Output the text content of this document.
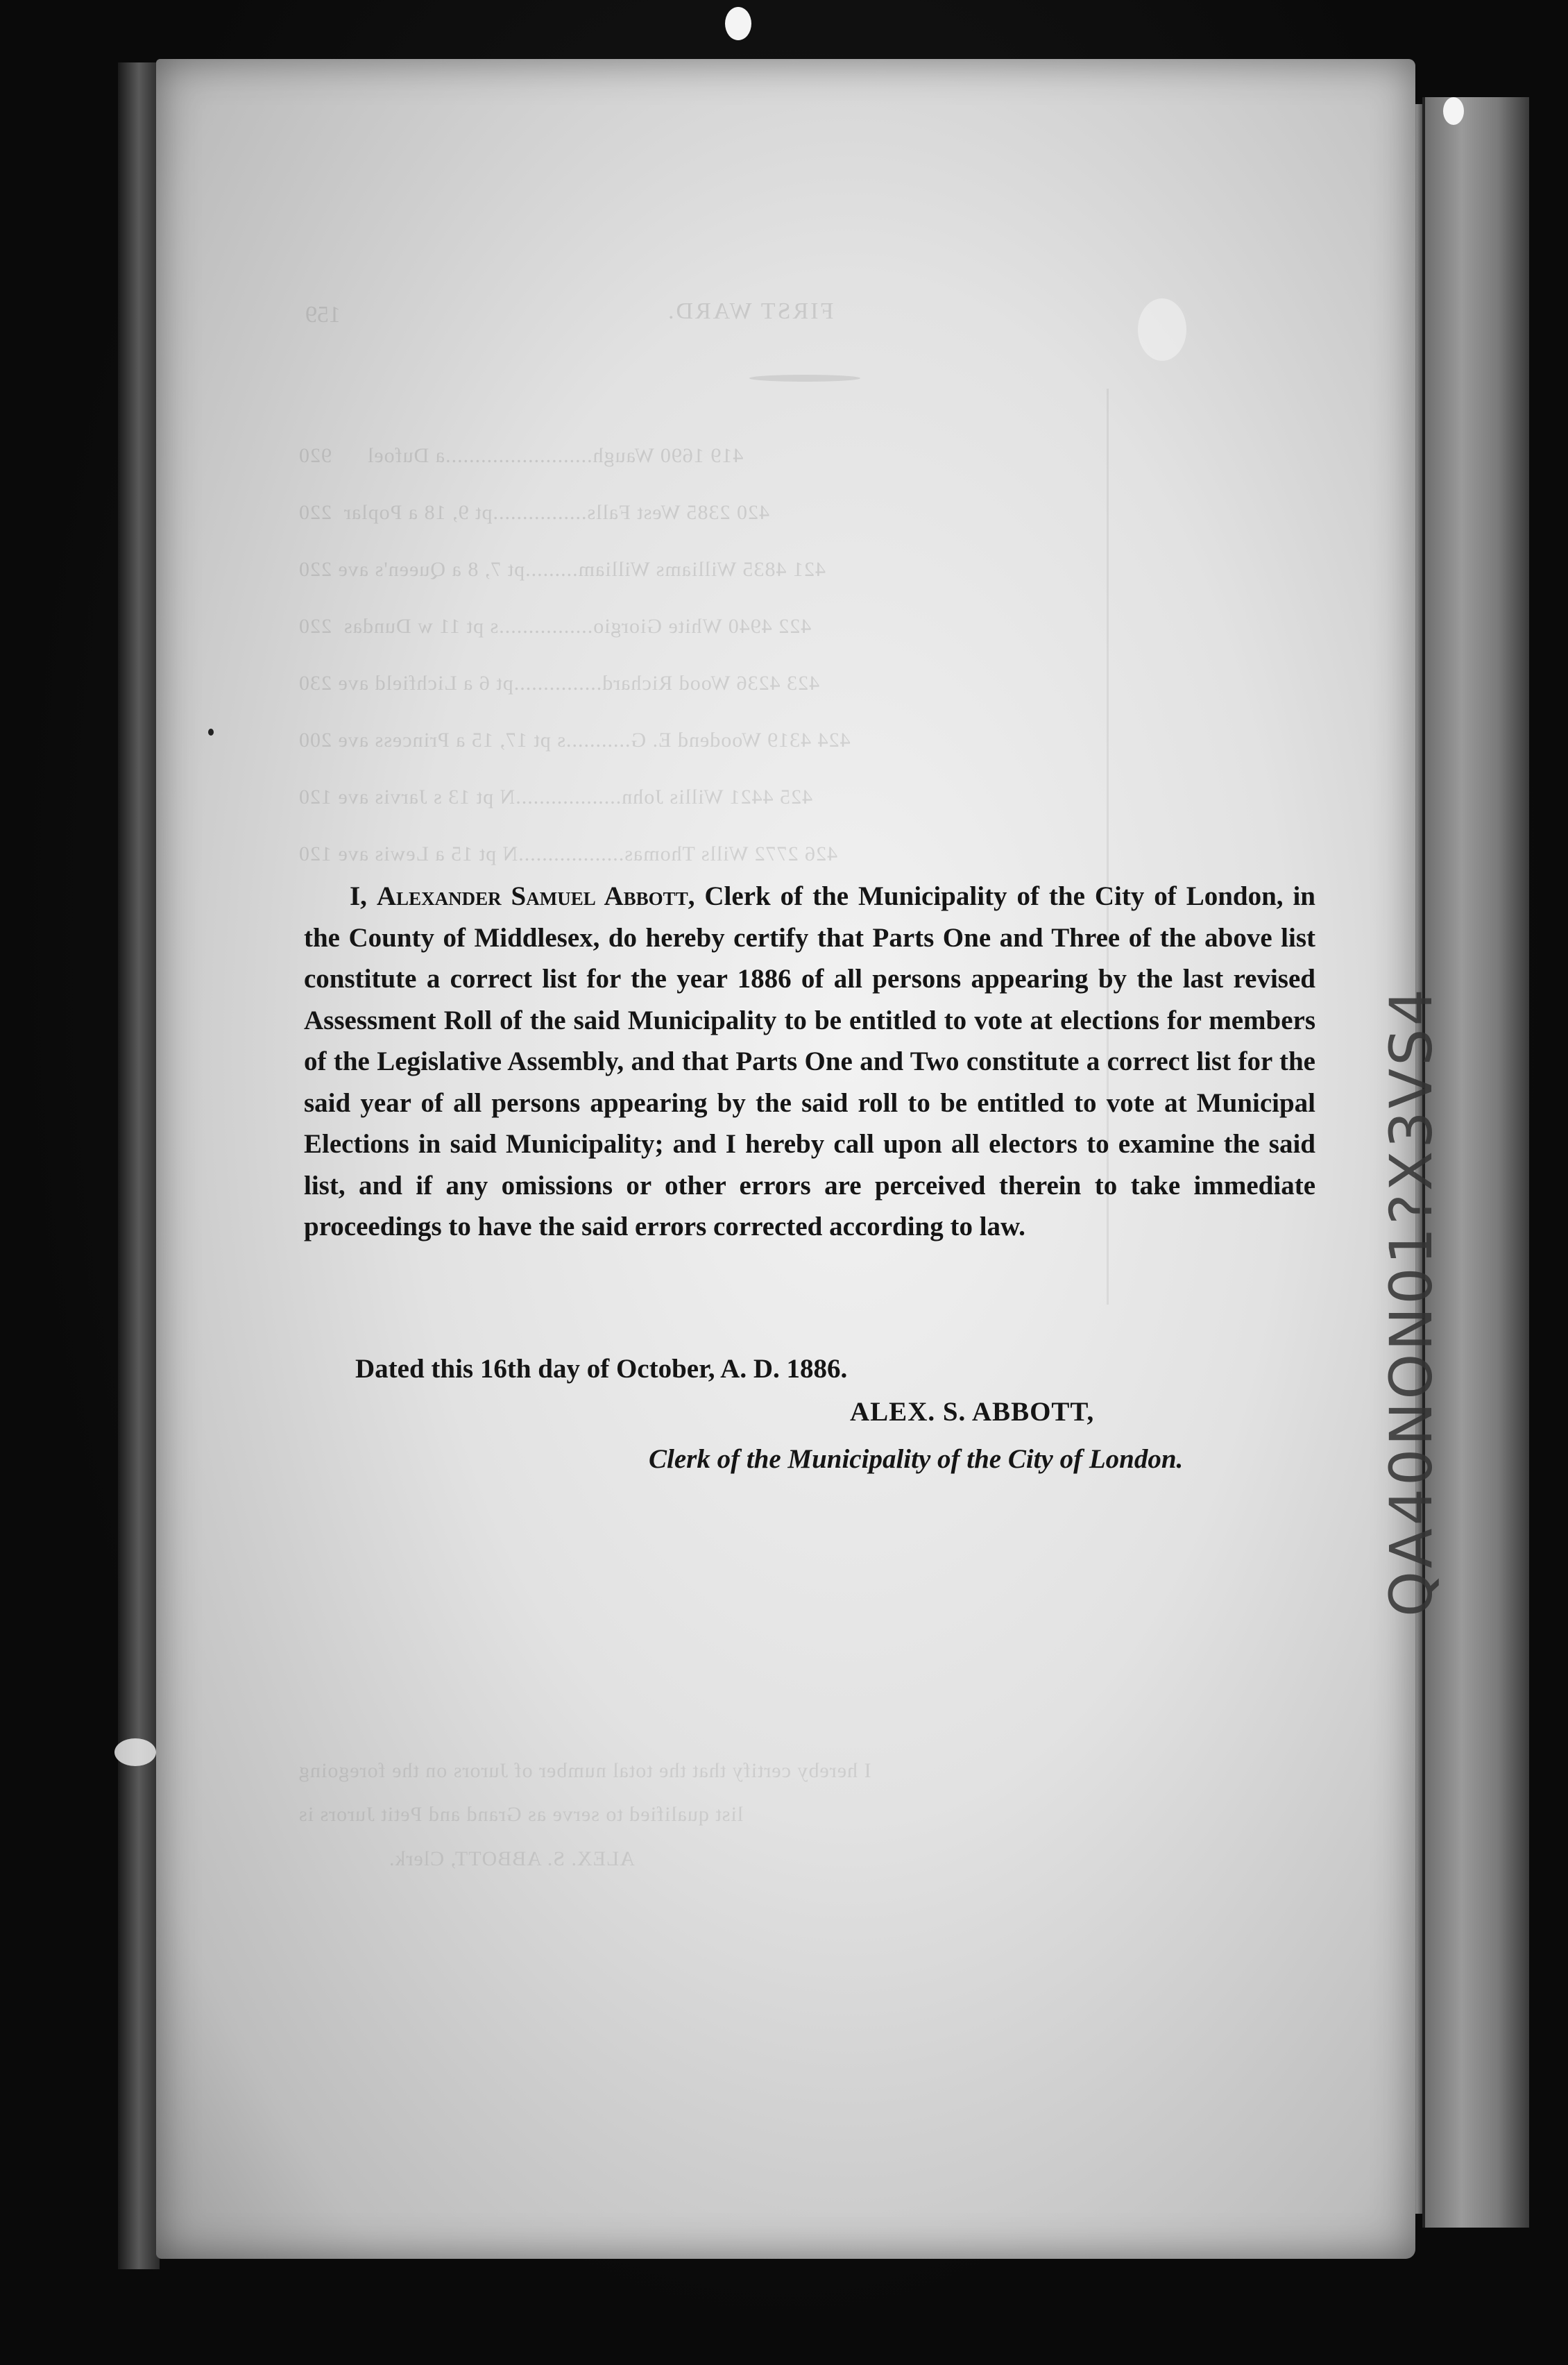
FIRST WARD.
159
419 1690 Waugh.........................a Dufoel      920
420 2385 West Falls................pt 9, 18 a Poplar  220
421 4835 Williams William.........pt 7, 8 a Queen's ave 220
422 4940 White Giorgio................s pt 11 w Dundas  220
423 4236 Wood Richard...............pt 6 a Lichfield ave 230
424 4319 Woodend E. G...........s pt 17, 15 a Princess ave 200
425 4421 Willis John..................N pt 13 s Jarvis ave 120
426 2772 Wills Thomas..................N pt 15 a Lewis ave 120
I hereby certify that the total number of Jurors on the foregoing
list qualified to serve as Grand and Petit Jurors is
ALEX. S. ABBOTT, Clerk.
I, Alexander Samuel Abbott, Clerk of the Municipality of the City of London, in the County of Middlesex, do hereby certify that Parts One and Three of the above list constitute a correct list for the year 1886 of all persons appearing by the last revised Assessment Roll of the said Municipality to be entitled to vote at elections for members of the Legislative Assembly, and that Parts One and Two constitute a correct list for the said year of all persons appearing by the said roll to be entitled to vote at Municipal Elections in said Municipality; and I hereby call upon all electors to examine the said list, and if any omissions or other errors are perceived therein to take immediate proceedings to have the said errors corrected according to law.
Dated this 16th day of October, A. D. 1886.
ALEX. S. ABBOTT,
Clerk of the Municipality of the City of London.	QA40NON01?X3VS4
